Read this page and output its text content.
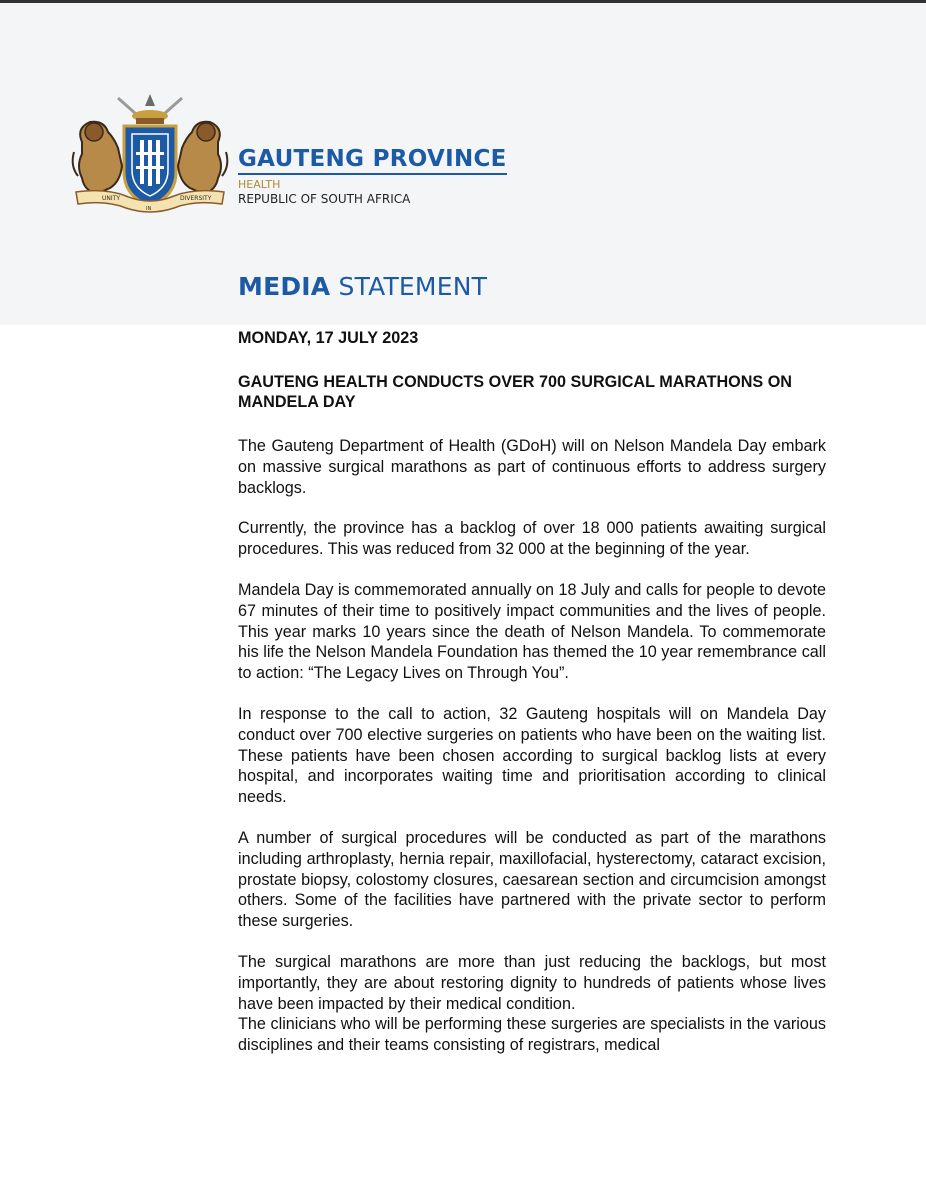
UNITY
IN
DIVERSITY
GAUTENG PROVINCE
HEALTH
REPUBLIC OF SOUTH AFRICA
MEDIA STATEMENT

MONDAY, 17 JULY 2023

GAUTENG HEALTH CONDUCTS OVER 700 SURGICAL MARATHONS ON MANDELA DAY

The Gauteng Department of Health (GDoH) will on Nelson Mandela Day embark on massive surgical marathons as part of continuous efforts to address surgery backlogs.

Currently, the province has a backlog of over 18 000 patients awaiting surgical procedures. This was reduced from 32 000 at the beginning of the year.

Mandela Day is commemorated annually on 18 July and calls for people to devote 67 minutes of their time to positively impact communities and the lives of people. This year marks 10 years since the death of Nelson Mandela. To commemorate his life the Nelson Mandela Foundation has themed the 10 year remembrance call to action: “The Legacy Lives on Through You”.

In response to the call to action, 32 Gauteng hospitals will on Mandela Day conduct over 700 elective surgeries on patients who have been on the waiting list. These patients have been chosen according to surgical backlog lists at every hospital, and incorporates waiting time and prioritisation according to clinical needs.

A number of surgical procedures will be conducted as part of the marathons including arthroplasty, hernia repair, maxillofacial, hysterectomy, cataract excision, prostate biopsy, colostomy closures, caesarean section and circumcision amongst others. Some of the facilities have partnered with the private sector to perform these surgeries.

The surgical marathons are more than just reducing the backlogs, but most importantly, they are about restoring dignity to hundreds of patients whose lives have been impacted by their medical condition.

The clinicians who will be performing these surgeries are specialists in the various disciplines and their teams consisting of registrars, medical
